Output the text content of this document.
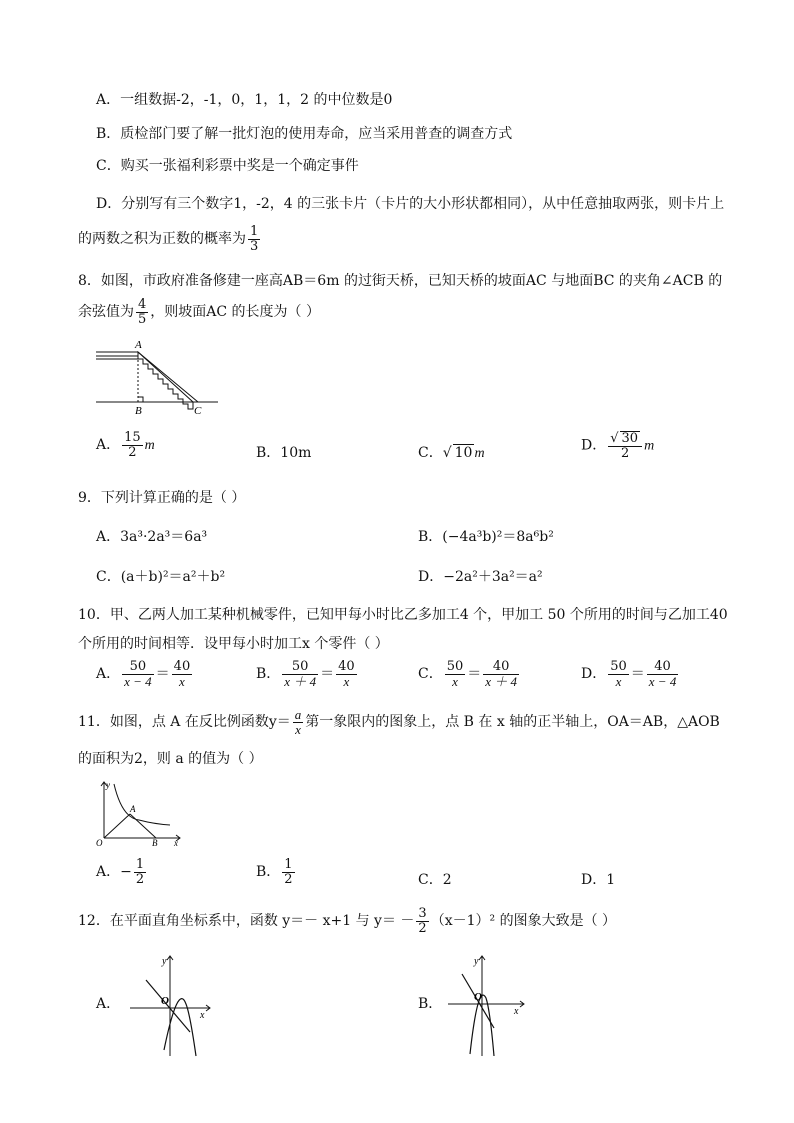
A．一组数据-2，-1，0，1，1，2 的中位数是0
B．质检部门要了解一批灯泡的使用寿命，应当采用普查的调查方式
C．购买一张福利彩票中奖是一个确定事件
D．分别写有三个数字1，-2，4 的三张卡片（卡片的大小形状都相同），从中任意抽取两张，则卡片上
的两数之积为正数的概率为 $\frac{1}{3}$
8．如图，市政府准备修建一座高AB＝6m 的过街天桥，已知天桥的坡面AC 与地面BC 的夹角∠ACB 的
余弦值为 $\frac{4}{5}$ ，则坡面AC 的长度为（ ）
A
B	C
A． $\frac{15}{2}$ m	B．10m	C．√ 10 m	D． $\frac{√ 30}{2}$ m
9．下列计算正确的是（ ）
A．3a³·2a³＝6a³	B．(−4a³b)²＝8a⁶b²
C．(a＋b)²＝a²＋b²	D．−2a²＋3a²＝a²
10．甲、乙两人加工某种机械零件，已知甲每小时比乙多加工4 个，甲加工 50 个所用的时间与乙加工40
个所用的时间相等．设甲每小时加工x 个零件（ ）
A． $\frac{50}{x - 4} = \frac{40}{x}$	B． $\frac{50}{x + 4} = \frac{40}{x}$	C． $\frac{50}{x} = \frac{40}{x + 4}$	D． $\frac{50}{x} = \frac{40}{x - 4}$
11．如图，点 A 在反比例函数$y= \frac{a}{x}$ 第一象限内的图象上，点 B 在 x 轴的正半轴上，OA＝AB，△AOB
的面积为2，则 a 的值为（ ）
y
x
O
A
B
A．− $\frac{1}{2}$	B． $\frac{1}{2}$	C．2	D．1
12．在平面直角坐标系中，函数 y＝－ x+1 与 $y= - \frac{3}{2} (x-1)^2$ 的图象大致是（ ）
A．
y
x
O	B．
y
x
O
